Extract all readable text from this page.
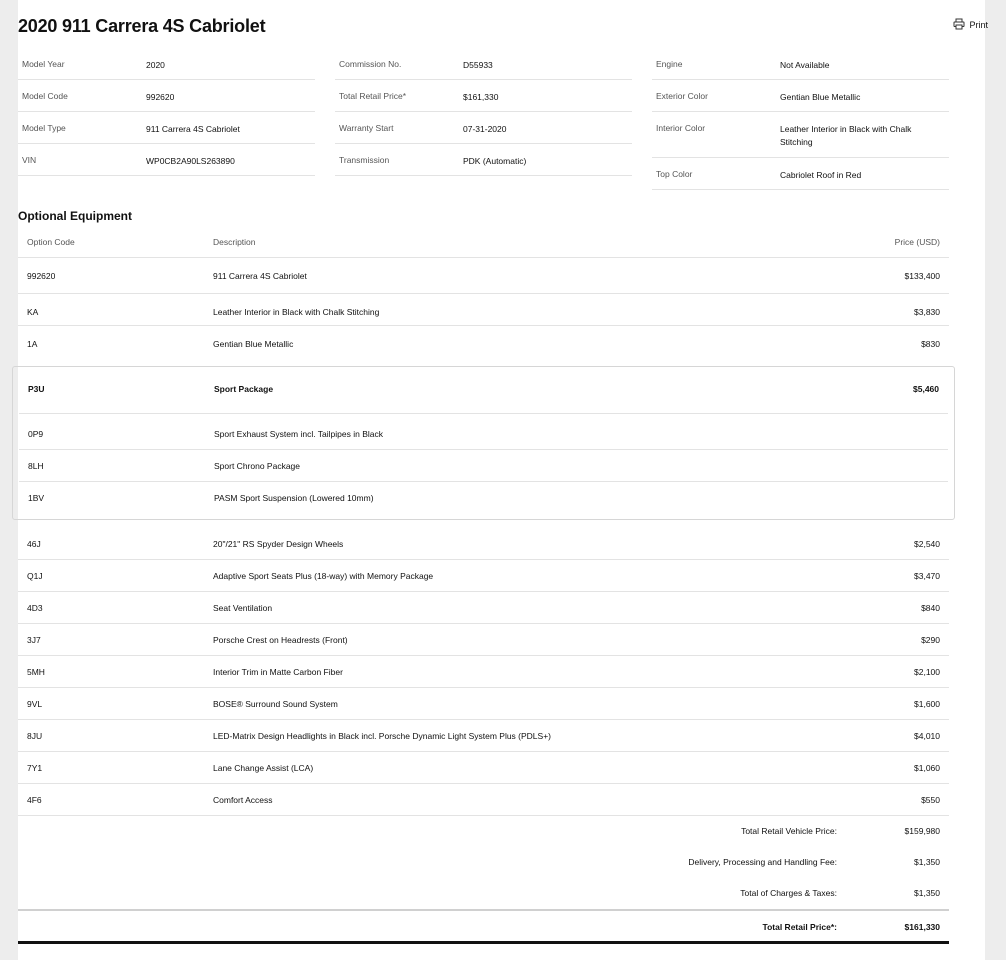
2020 911 Carrera 4S Cabriolet	Print
Model Year	2020
Model Code	992620
Model Type	911 Carrera 4S Cabriolet
VIN	WP0CB2A90LS263890
Commission No.	D55933
Total Retail Price*	$161,330
Warranty Start	07-31-2020
Transmission	PDK (Automatic)
Engine	Not Available
Exterior Color	Gentian Blue Metallic
Interior Color	Leather Interior in Black with Chalk Stitching
Top Color	Cabriolet Roof in Red
Optional Equipment
Option Code	Description	Price (USD)
992620	911 Carrera 4S Cabriolet	$133,400
KA	Leather Interior in Black with Chalk Stitching	$3,830
1A	Gentian Blue Metallic	$830
P3U	Sport Package	$5,460
0P9	Sport Exhaust System incl. Tailpipes in Black
8LH	Sport Chrono Package
1BV	PASM Sport Suspension (Lowered 10mm)
46J	20"/21" RS Spyder Design Wheels	$2,540
Q1J	Adaptive Sport Seats Plus (18-way) with Memory Package	$3,470
4D3	Seat Ventilation	$840
3J7	Porsche Crest on Headrests (Front)	$290
5MH	Interior Trim in Matte Carbon Fiber	$2,100
9VL	BOSE® Surround Sound System	$1,600
8JU	LED-Matrix Design Headlights in Black incl. Porsche Dynamic Light System Plus (PDLS+)	$4,010
7Y1	Lane Change Assist (LCA)	$1,060
4F6	Comfort Access	$550
Total Retail Vehicle Price:	$159,980
Delivery, Processing and Handling Fee:	$1,350
Total of Charges & Taxes:	$1,350
Total Retail Price*:	$161,330
